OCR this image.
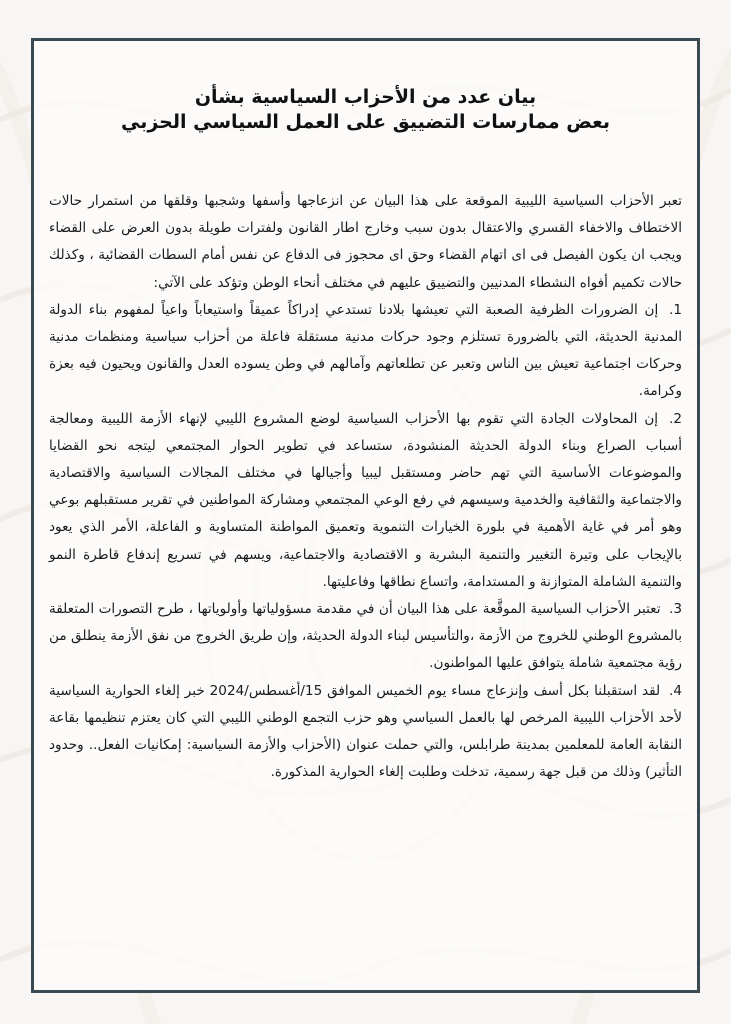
بيان عدد من الأحزاب السياسية بشأن
بعض ممارسات التضييق على العمل السياسي الحزبي

تعبر الأحزاب السياسية الليبية الموقعة على هذا البيان عن انزعاجها وأسفها وشجبها وقلقها من استمرار حالات الاختطاف والاخفاء القسري والاعتقال بدون سبب وخارج اطار القانون ولفترات طويلة بدون العرض على القضاء ويجب ان يكون الفيصل فى اى اتهام القضاء وحق اى محجوز فى الدفاع عن نفس أمام السطات القضائية ، وكذلك حالات تكميم أفواه النشطاء المدنيين والتضييق عليهم في مختلف أنحاء الوطن وتؤكد على الآتي:

1. إن الضرورات الظرفية الصعبة التي تعيشها بلادنا تستدعي إدراكاً عميقاً واستيعاباً واعياً لمفهوم بناء الدولة المدنية الحديثة، التي بالضرورة تستلزم وجود حركات مدنية مستقلة فاعلة من أحزاب سياسية ومنظمات مدنية وحركات اجتماعية تعيش بين الناس وتعبر عن تطلعاتهم وآمالهم في وطن يسوده العدل والقانون ويحيون فيه بعزة وكرامة.

2. إن المحاولات الجادة التي تقوم بها الأحزاب السياسية لوضع المشروع الليبي لإنهاء الأزمة الليبية ومعالجة أسباب الصراع وبناء الدولة الحديثة المنشودة، ستساعد في تطوير الحوار المجتمعي ليتجه نحو القضايا والموضوعات الأساسية التي تهم حاضر ومستقبل ليبيا وأجيالها في مختلف المجالات السياسية والاقتصادية والاجتماعية والثقافية والخدمية وسيسهم في رفع الوعي المجتمعي ومشاركة المواطنين في تقرير مستقبلهم بوعي وهو أمر في غاية الأهمية في بلورة الخيارات التنموية وتعميق المواطنة المتساوية و الفاعلة، الأمر الذي يعود بالإيجاب على وتيرة التغيير والتنمية البشرية و الاقتصادية والاجتماعية، ويسهم في تسريع إندفاع قاطرة النمو والتنمية الشاملة المتوازنة و المستدامة، واتساع نطاقها وفاعليتها.

3. تعتبر الأحزاب السياسية الموقَّعة على هذا البيان أن في مقدمة مسؤولياتها وأولوياتها ، طرح التصورات المتعلقة بالمشروع الوطني للخروج من الأزمة ،والتأسيس لبناء الدولة الحديثة، وإن طريق الخروج من نفق الأزمة ينطلق من رؤية مجتمعية شاملة يتوافق عليها المواطنون.

4. لقد استقبلنا بكل أسف وإنزعاج مساء يوم الخميس الموافق 15/أغسطس/2024 خبر إلغاء الحوارية السياسية لأحد الأحزاب الليبية المرخص لها بالعمل السياسي وهو حزب التجمع الوطني الليبي التي كان يعتزم تنظيمها بقاعة النقابة العامة للمعلمين بمدينة طرابلس، والتي حملت عنوان (الأحزاب والأزمة السياسية: إمكانيات الفعل.. وحدود التأثير) وذلك من قبل جهة رسمية، تدخلت وطلبت إلغاء الحوارية المذكورة.
